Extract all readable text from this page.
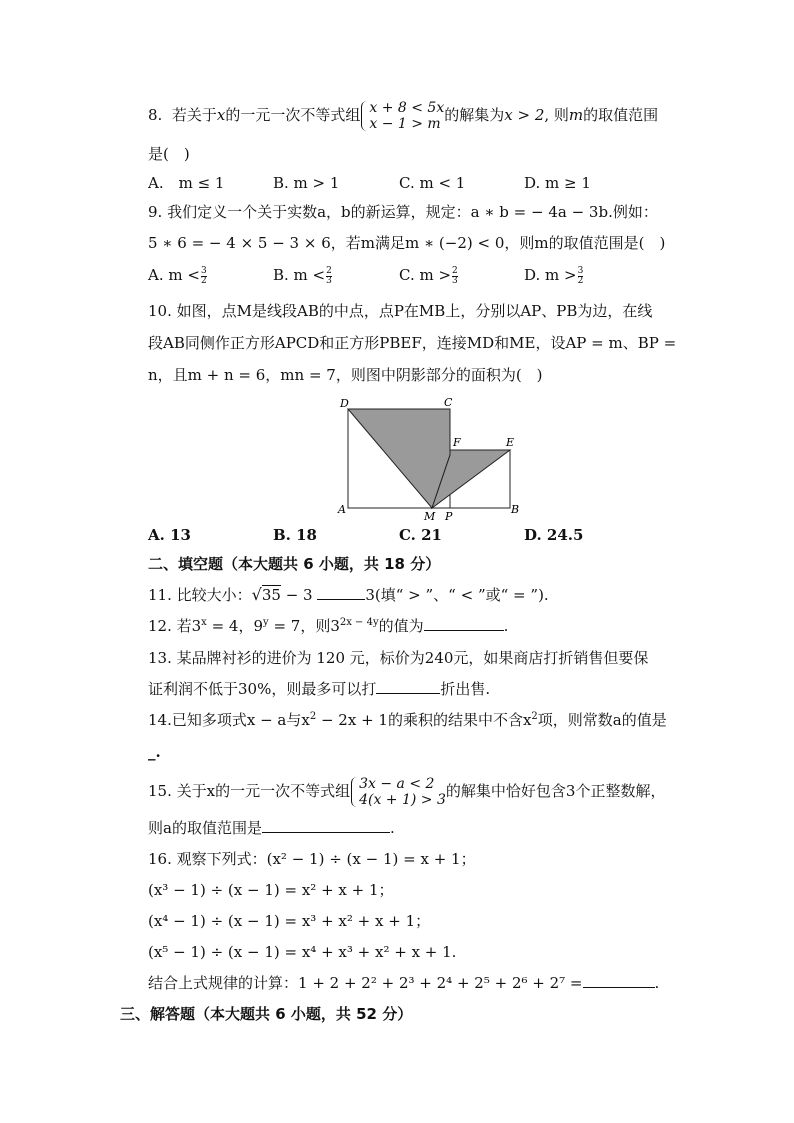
8. 若关于x的一元一次不等式组 x + 8 < 5x
x − 1 > m 的解集为x > 2, 则m的取值范围
是(　)
A.　m ≤ 1	B. m > 1	C. m < 1	D. m ≥ 1
9. 我们定义一个关于实数a，b的新运算，规定：a ∗ b = − 4a − 3b.例如：
5 ∗ 6 = − 4 × 5 − 3 × 6，若m满足m ∗ (−2) < 0，则m的取值范围是(　)
A. $m < \frac{3}{2}$	B. $m < \frac{2}{3}$	C. $m > \frac{2}{3}$	D. $m > \frac{3}{2}$
10. 如图，点M是线段AB的中点，点P在MB上，分别以AP、PB为边，在线
段AB同侧作正方形APCD和正方形PBEF，连接MD和ME，设AP = m、BP =
n，且m + n = 6，mn = 7，则图中阴影部分的面积为(　)
D	C
F	E
A
M P
B
A. 13	B. 18	C. 21	D. 24.5
二、填空题（本大题共 6 小题，共 18 分）
11. 比较大小：√35 − 3	3(填“ > ”、“ < ”或“ = ”).
12. 若$3^x = 4$，$9^y = 7$，则$3^{2x - 4y}$的值为	.
13. 某品牌衬衫的进价为 120 元，标价为240元，如果商店打折销售但要保
证利润不低于30%，则最多可以打	折出售.
14.已知多项式x − a与$x^2 - 2x + 1$的乘积的结果中不含$x^2$项，则常数a的值是
_.
15. 关于x的一元一次不等式组 3x − a < 2
4(x + 1) > 3的解集中恰好包含3个正整数解，
则a的取值范围是	.
16. 观察下列式：(x² − 1) ÷ (x − 1) = x + 1；
(x³ − 1) ÷ (x − 1) = x² + x + 1；
(x⁴ − 1) ÷ (x − 1) = x³ + x² + x + 1；
(x⁵ − 1) ÷ (x − 1) = x⁴ + x³ + x² + x + 1.
结合上式规律的计算：1 + 2 + 2² + 2³ + 2⁴ + 2⁵ + 2⁶ + 2⁷ =	.
三、解答题（本大题共 6 小题，共 52 分）
